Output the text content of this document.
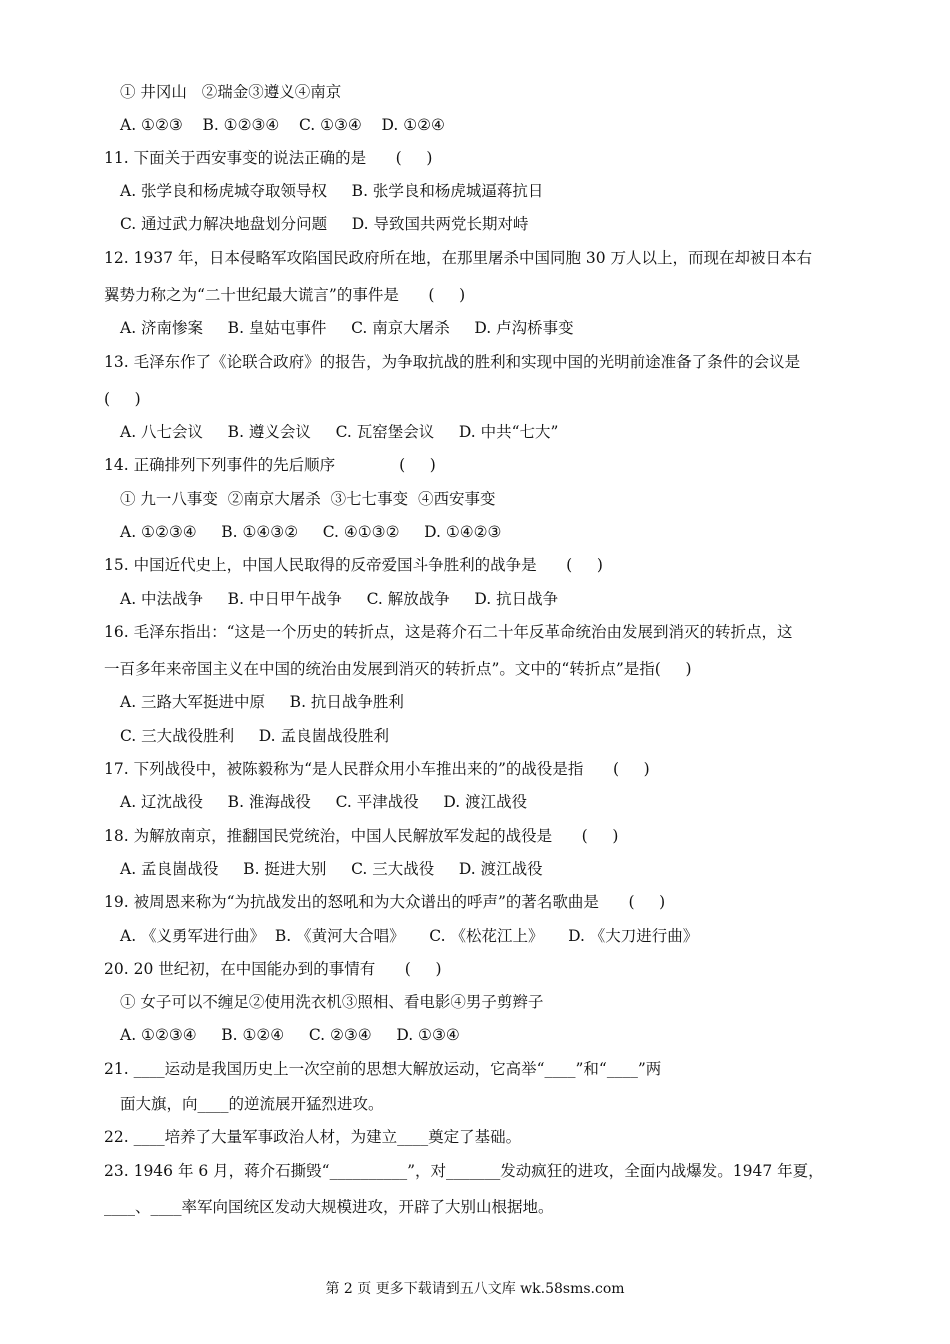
① 井冈山   ②瑞金③遵义④南京
A. ①②③    B. ①②③④    C. ①③④    D. ①②④
11. 下面关于西安事变的说法正确的是      (     )
A. 张学良和杨虎城夺取领导权     B. 张学良和杨虎城逼蒋抗日
C. 通过武力解决地盘划分问题     D. 导致国共两党长期对峙
12. 1937 年，日本侵略军攻陷国民政府所在地，在那里屠杀中国同胞 30 万人以上，而现在却被日本右
翼势力称之为“二十世纪最大谎言”的事件是      (     )
A. 济南惨案     B. 皇姑屯事件     C. 南京大屠杀     D. 卢沟桥事变
13. 毛泽东作了《论联合政府》的报告，为争取抗战的胜利和实现中国的光明前途准备了条件的会议是
(     )
A. 八七会议     B. 遵义会议     C. 瓦窑堡会议     D. 中共“七大”
14. 正确排列下列事件的先后顺序             (     )
① 九一八事变  ②南京大屠杀  ③七七事变  ④西安事变
A. ①②③④     B. ①④③②     C. ④①③②     D. ①④②③
15. 中国近代史上，中国人民取得的反帝爱国斗争胜利的战争是      (     )
A. 中法战争     B. 中日甲午战争     C. 解放战争     D. 抗日战争
16. 毛泽东指出：“这是一个历史的转折点，这是蒋介石二十年反革命统治由发展到消灭的转折点，这
一百多年来帝国主义在中国的统治由发展到消灭的转折点”。文中的“转折点”是指(     )
A. 三路大军挺进中原     B. 抗日战争胜利
C. 三大战役胜利     D. 孟良崮战役胜利
17. 下列战役中，被陈毅称为“是人民群众用小车推出来的”的战役是指      (     )
A. 辽沈战役     B. 淮海战役     C. 平津战役     D. 渡江战役
18. 为解放南京，推翻国民党统治，中国人民解放军发起的战役是      (     )
A. 孟良崮战役     B. 挺进大别     C. 三大战役     D. 渡江战役
19. 被周恩来称为“为抗战发出的怒吼和为大众谱出的呼声”的著名歌曲是      (     )
A. 《义勇军进行曲》  B. 《黄河大合唱》     C. 《松花江上》     D. 《大刀进行曲》
20. 20 世纪初，在中国能办到的事情有      (     )
① 女子可以不缠足②使用洗衣机③照相、看电影④男子剪辫子
A. ①②③④     B. ①②④     C. ②③④     D. ①③④
21. ____运动是我国历史上一次空前的思想大解放运动，它高举“____”和“____”两
面大旗，向____的逆流展开猛烈进攻。
22. ____培养了大量军事政治人材，为建立____奠定了基础。
23. 1946 年 6 月，蒋介石撕毁“__________”，对_______发动疯狂的进攻，全面内战爆发。1947 年夏，
____、____率军向国统区发动大规模进攻，开辟了大别山根据地。
第 2 页 更多下载请到五八文库 wk.58sms.com
